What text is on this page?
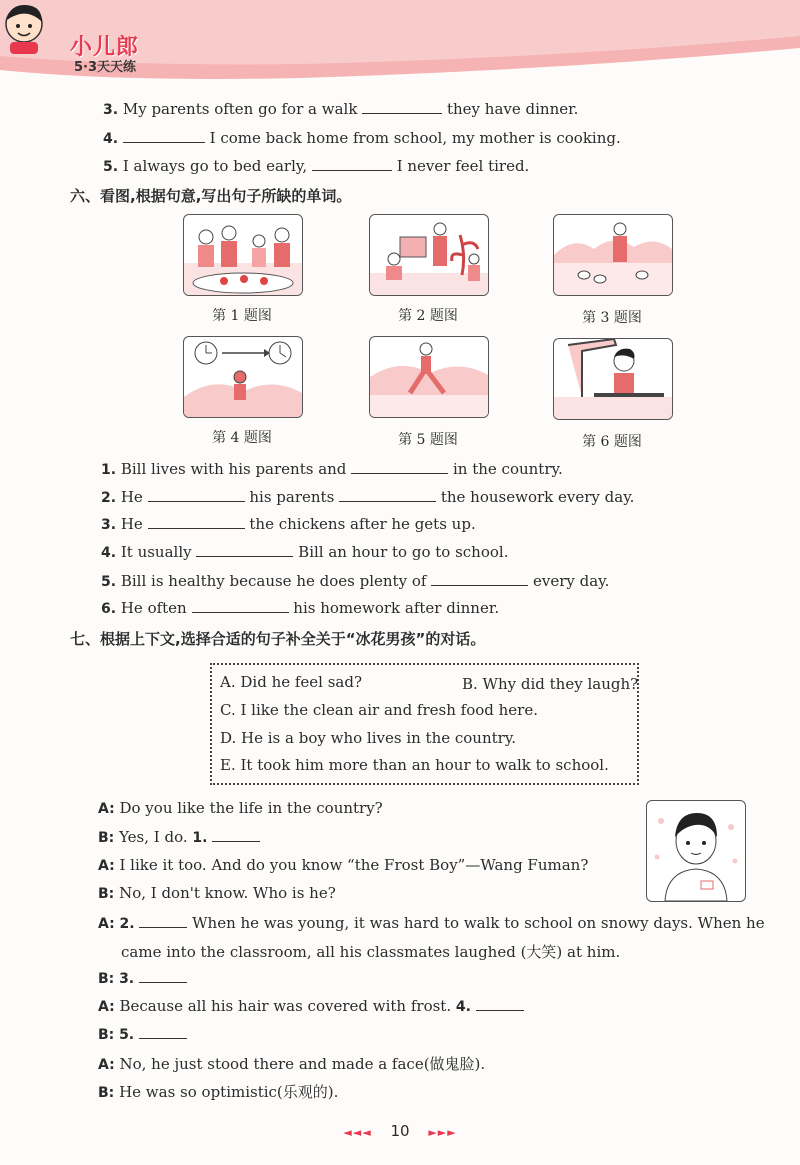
小儿郎
5·3天天练
3. My parents often go for a walk	they have dinner.
4.	I come back home from school, my mother is cooking.
5. I always go to bed early,	I never feel tired.
六、看图,根据句意,写出句子所缺的单词。
第 1 题图	第 2 题图	第 3 题图
第 4 题图	第 5 题图	第 6 题图
1. Bill lives with his parents and	in the country.
2. He	his parents	the housework every day.
3. He	the chickens after he gets up.
4. It usually	Bill an hour to go to school.
5. Bill is healthy because he does plenty of	every day.
6. He often	his homework after dinner.
七、根据上下文,选择合适的句子补全关于“冰花男孩”的对话。
A. Did he feel sad?	B. Why did they laugh?
C. I like the clean air and fresh food here.
D. He is a boy who lives in the country.
E. It took him more than an hour to walk to school.
A: Do you like the life in the country?
B: Yes, I do. 1.
A: I like it too. And do you know “the Frost Boy”—Wang Fuman?
B: No, I don't know. Who is he?
A: 2.	When he was young, it was hard to walk to school on snowy days. When he
came into the classroom, all his classmates laughed (大笑) at him.
B: 3.
A: Because all his hair was covered with frost. 4.
B: 5.
A: No, he just stood there and made a face(做鬼脸).
B: He was so optimistic(乐观的).
◄◄◄ 10 ►►►
